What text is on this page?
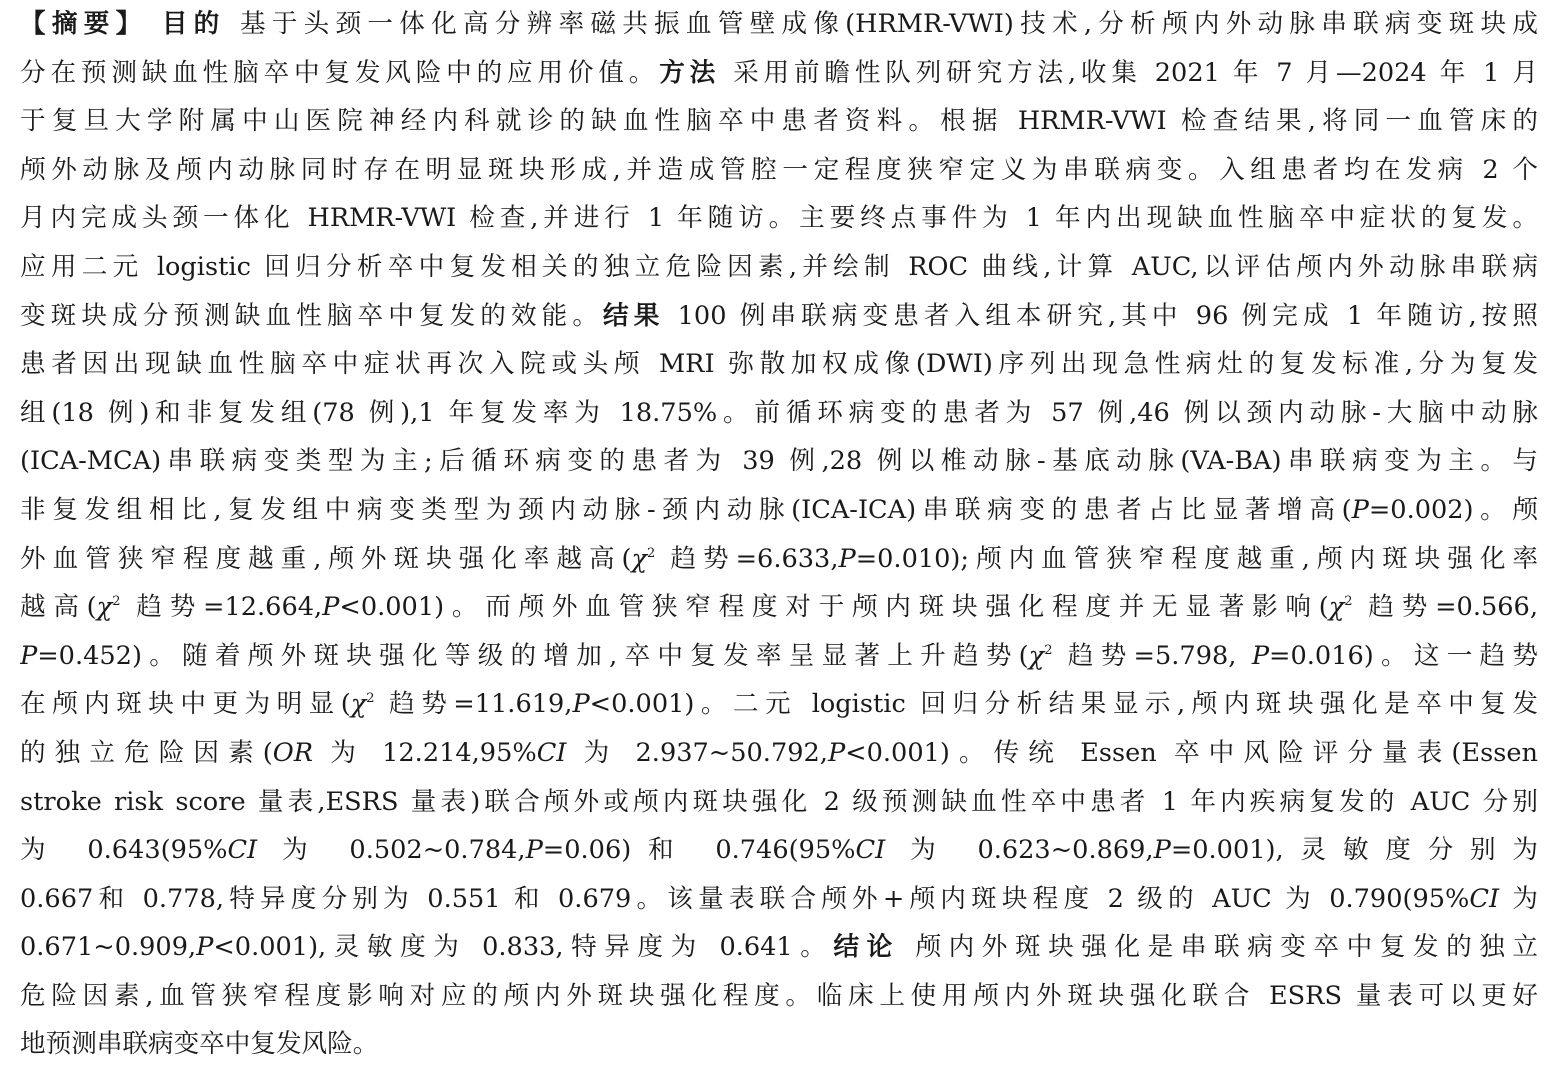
【摘要】 目的 基于头颈一体化高分辨率磁共振血管壁成像(HRMR-VWI)技术,分析颅内外动脉串联病变斑块成
分在预测缺血性脑卒中复发风险中的应用价值。方法 采用前瞻性队列研究方法,收集 2021 年 7 月—2024 年 1 月
于复旦大学附属中山医院神经内科就诊的缺血性脑卒中患者资料。根据 HRMR-VWI 检查结果,将同一血管床的
颅外动脉及颅内动脉同时存在明显斑块形成,并造成管腔一定程度狭窄定义为串联病变。入组患者均在发病 2 个
月内完成头颈一体化 HRMR-VWI 检查,并进行 1 年随访。主要终点事件为 1 年内出现缺血性脑卒中症状的复发。
应用二元 logistic 回归分析卒中复发相关的独立危险因素,并绘制 ROC 曲线,计算 AUC,以评估颅内外动脉串联病
变斑块成分预测缺血性脑卒中复发的效能。结果 100 例串联病变患者入组本研究,其中 96 例完成 1 年随访,按照
患者因出现缺血性脑卒中症状再次入院或头颅 MRI 弥散加权成像(DWI)序列出现急性病灶的复发标准,分为复发
组(18 例)和非复发组(78 例),1 年复发率为 18.75%。前循环病变的患者为 57 例,46 例以颈内动脉-大脑中动脉
(ICA-MCA)串联病变类型为主;后循环病变的患者为 39 例,28 例以椎动脉-基底动脉(VA-BA)串联病变为主。与
非复发组相比,复发组中病变类型为颈内动脉-颈内动脉(ICA-ICA)串联病变的患者占比显著增高(P=0.002)。颅
外血管狭窄程度越重,颅外斑块强化率越高($\chi^2$ 趋势=6.633,P=0.010);颅内血管狭窄程度越重,颅内斑块强化率
越高($\chi^2$ 趋势=12.664,P<0.001)。而颅外血管狭窄程度对于颅内斑块强化程度并无显著影响($\chi^2$ 趋势=0.566,
P=0.452)。随着颅外斑块强化等级的增加,卒中复发率呈显著上升趋势($\chi^2$ 趋势=5.798, P=0.016)。这一趋势
在颅内斑块中更为明显($\chi^2$ 趋势=11.619,P<0.001)。二元 logistic 回归分析结果显示,颅内斑块强化是卒中复发
的独立危险因素(OR 为 12.214,95%CI 为 2.937~50.792,P<0.001)。传统 Essen 卒中风险评分量表(Essen
stroke risk score 量表,ESRS 量表)联合颅外或颅内斑块强化 2 级预测缺血性卒中患者 1 年内疾病复发的 AUC 分别
为 0.643(95%CI 为 0.502~0.784,P=0.06)和 0.746(95%CI 为 0.623~0.869,P=0.001),灵敏度分别为
0.667和 0.778,特异度分别为 0.551 和 0.679。该量表联合颅外+颅内斑块程度 2 级的 AUC 为 0.790(95%CI 为
0.671~0.909,P<0.001),灵敏度为 0.833,特异度为 0.641。结论 颅内外斑块强化是串联病变卒中复发的独立
危险因素,血管狭窄程度影响对应的颅内外斑块强化程度。临床上使用颅内外斑块强化联合 ESRS 量表可以更好
地预测串联病变卒中复发风险。
